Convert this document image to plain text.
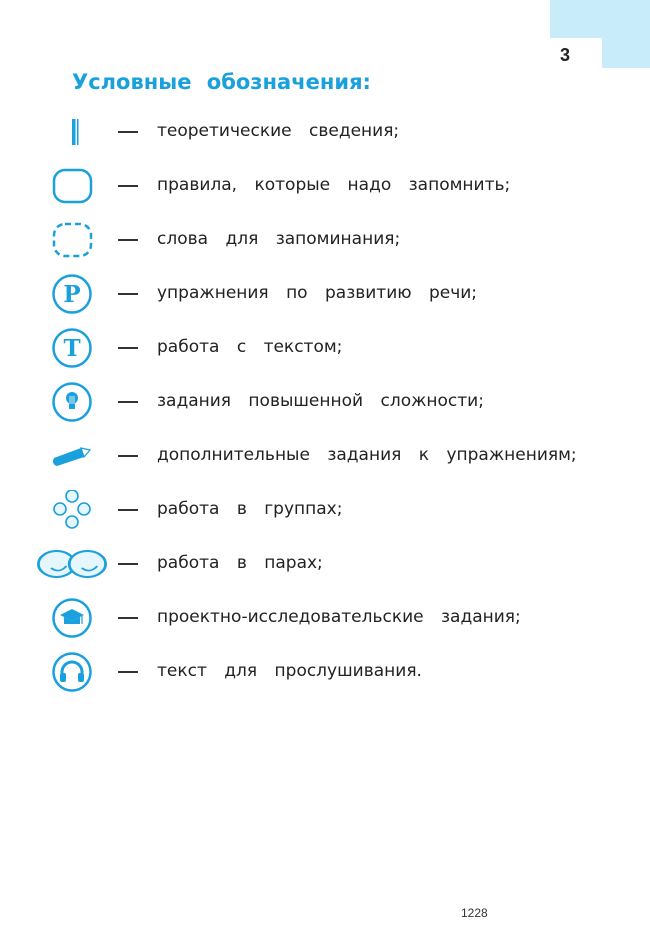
3
Условные обозначения:
теоретические сведения;
правила, которые надо запомнить;
слова для запоминания;
P	упражнения по развитию речи;
T	работа с текстом;
задания повышенной сложности;
дополнительные задания к упражнениям;
работа в группах;
работа в парах;
проектно-исследовательские задания;
текст для прослушивания.
1228
